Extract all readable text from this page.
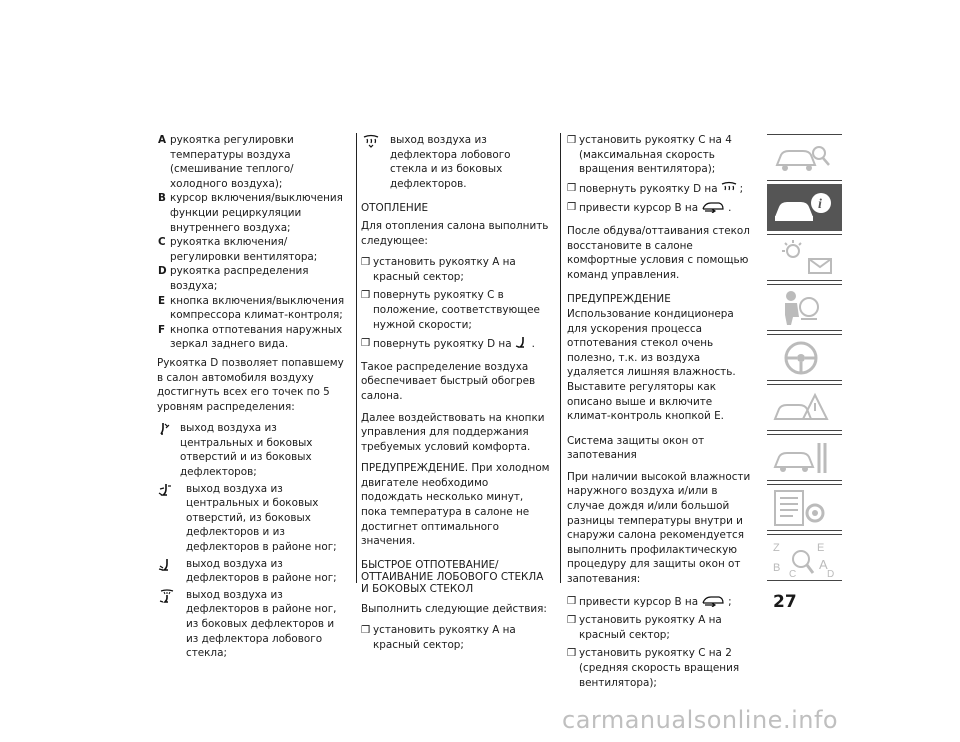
A рукоятка регулировки температуры воздуха (смешивание теплого/ холодного воздуха);
B курсор включения/выключения функции рециркуляции внутреннего воздуха;
C рукоятка включения/регулировки вентилятора;
D рукоятка распределения воздуха;
E кнопка включения/выключения компрессора климат-контроля;
F кнопка отпотевания наружных зеркал заднего вида.

Рукоятка D позволяет попавшему в салон автомобиля воздуху достигнуть всех его точек по 5 уровням распределения:

выход воздуха из центральных и боковых отверстий и из боковых дефлекторов;
выход воздуха из центральных и боковых отверстий, из боковых дефлекторов и из дефлекторов в районе ног;
выход воздуха из дефлекторов в районе ног;
выход воздуха из дефлекторов в районе ног, из боковых дефлекторов и из дефлектора лобового стекла;
выход воздуха из дефлектора лобового стекла и из боковых дефлекторов.

ОТОПЛЕНИЕ

Для отопления салона выполнить следующее:

❒ установить рукоятку A на красный сектор;
❒ повернуть рукоятку C в положение, соответствующее нужной скорости;
❒ повернуть рукоятку D на .

Такое распределение воздуха обеспечивает быстрый обогрев салона.

Далее воздействовать на кнопки управления для поддержания требуемых условий комфорта.

ПРЕДУПРЕЖДЕНИЕ. При холодном двигателе необходимо подождать несколько минут, пока температура в салоне не достигнет оптимального значения.

БЫСТРОЕ ОТПОТЕВАНИЕ/ОТТАИВАНИЕ ЛОБОВОГО СТЕКЛА И БОКОВЫХ СТЕКОЛ

Выполнить следующие действия:

❒ установить рукоятку A на красный сектор;
❒ установить рукоятку C на 4 (максимальная скорость вращения вентилятора);
❒ повернуть рукоятку D на ;
❒ привести курсор B на	.

После обдува/оттаивания стекол восстановите в салоне комфортные условия с помощью команд управления.

ПРЕДУПРЕЖДЕНИЕ Использование кондиционера для ускорения процесса отпотевания стекол очень полезно, т.к. из воздуха удаляется лишняя влажность. Выставите регуляторы как описано выше и включите климат-контроль кнопкой E.

Система защиты окон от запотевания

При наличии высокой влажности наружного воздуха и/или в случае дождя и/или большой разницы температуры внутри и снаружи салона рекомендуется выполнить профилактическую процедуру для защиты окон от запотевания:

❒ привести курсор B на	;
❒ установить рукоятку A на красный сектор;
❒ установить рукоятку C на 2 (средняя скорость вращения вентилятора);
i
Z	E
B	A
D
C
27
carmanualsonline.info
